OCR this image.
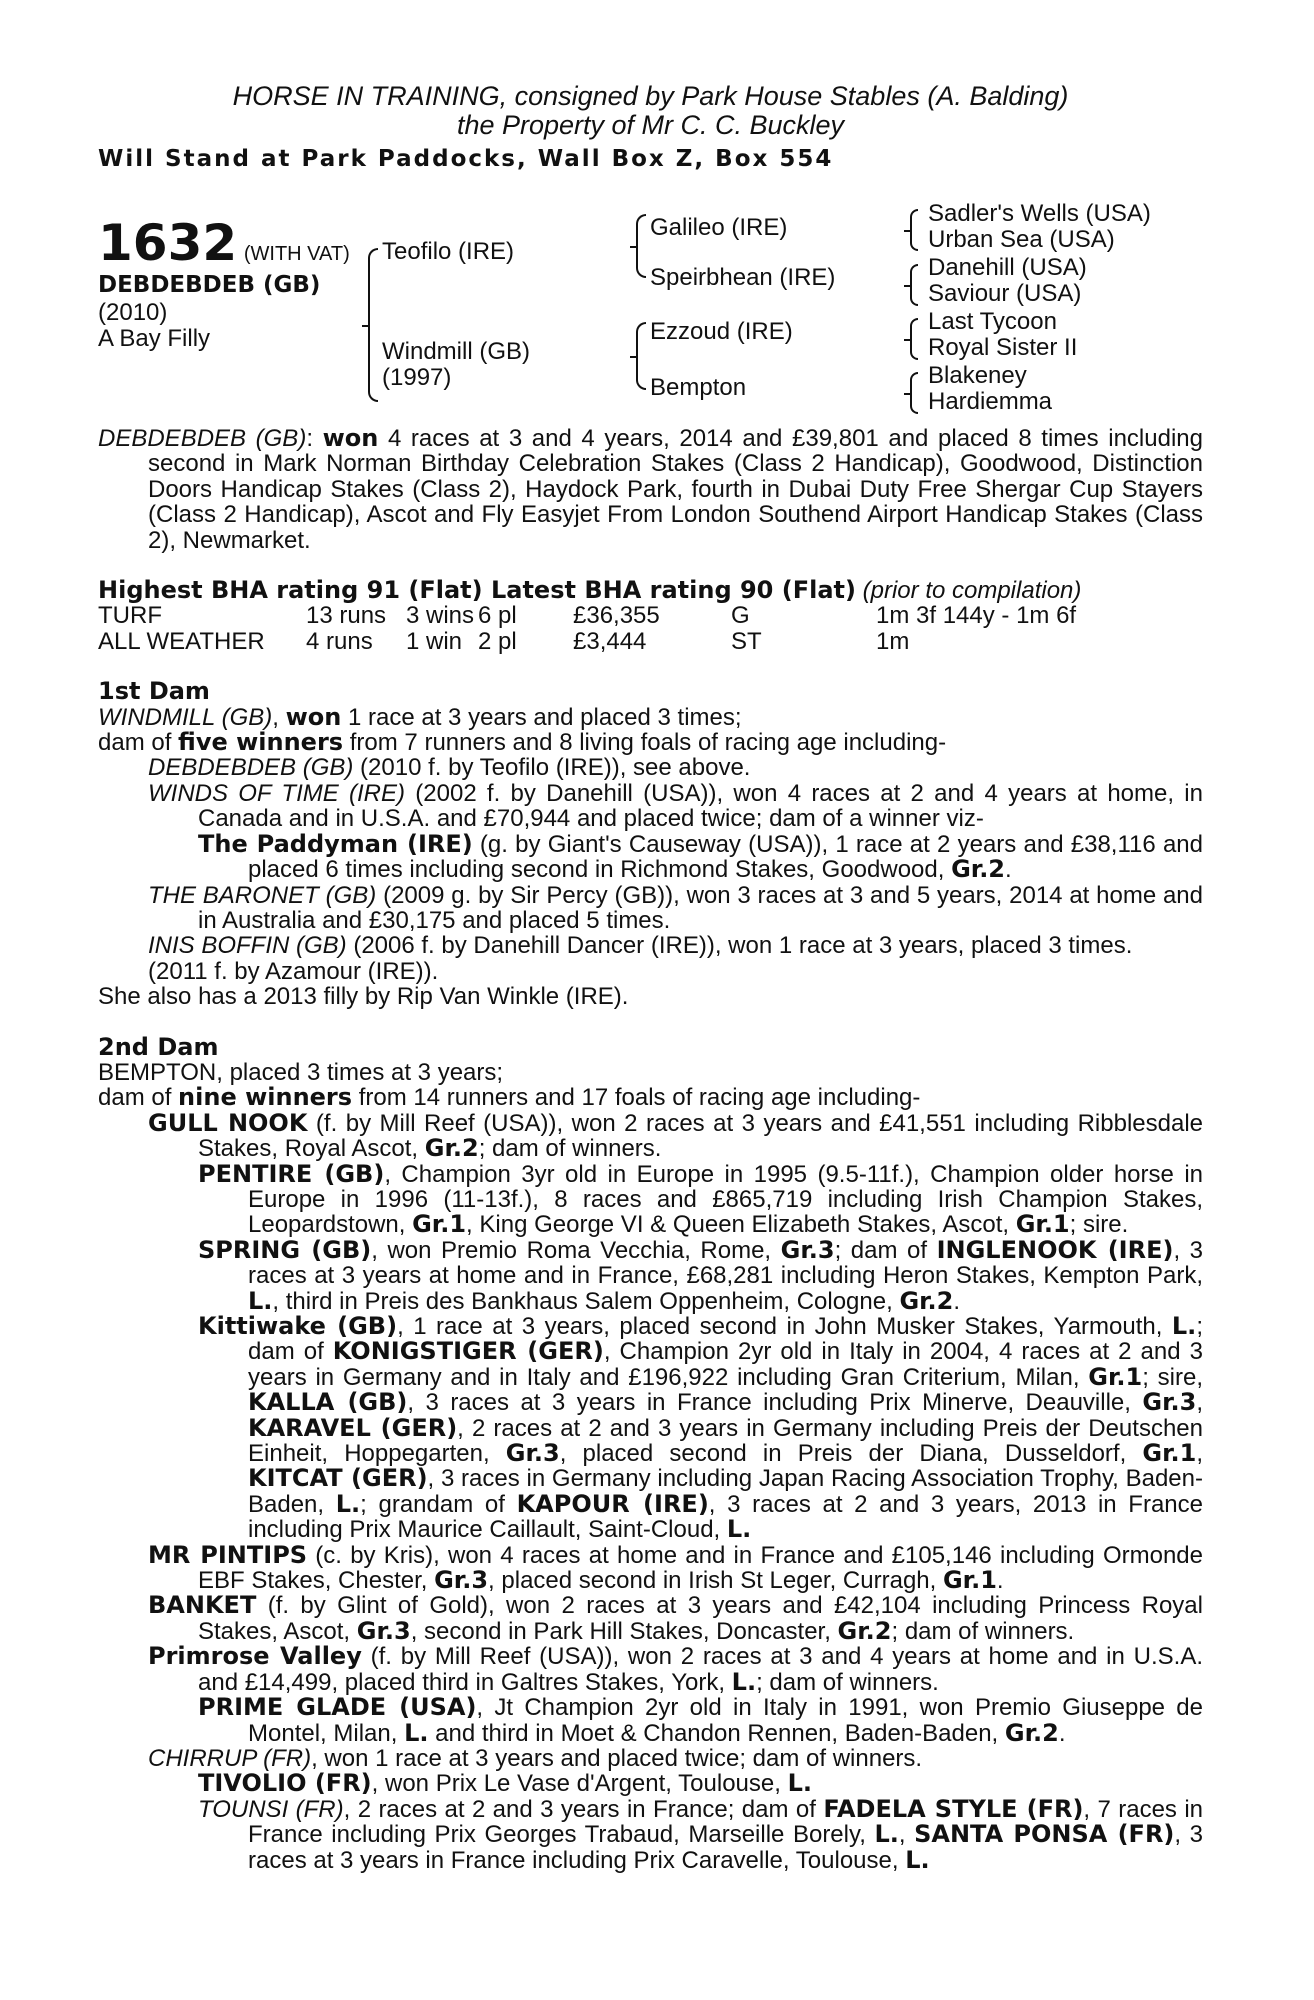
HORSE IN TRAINING, consigned by Park House Stables (A. Balding)
the Property of Mr C. C. Buckley
Will Stand at Park Paddocks, Wall Box Z, Box 554
1632 (WITH VAT)
DEBDEBDEB (GB)
(2010)
A Bay Filly
Teofilo (IRE)
Windmill (GB)
(1997)
Galileo (IRE)
Speirbhean (IRE)
Ezzoud (IRE)
Bempton
Sadler's Wells (USA)
Urban Sea (USA)
Danehill (USA)
Saviour (USA)
Last Tycoon
Royal Sister II
Blakeney
Hardiemma

DEBDEBDEB (GB): won 4 races at 3 and 4 years, 2014 and £39,801 and placed 8 times including second in Mark Norman Birthday Celebration Stakes (Class 2 Handicap), Goodwood, Distinction Doors Handicap Stakes (Class 2), Haydock Park, fourth in Dubai Duty Free Shergar Cup Stayers (Class 2 Handicap), Ascot and Fly Easyjet From London Southend Airport Handicap Stakes (Class 2), Newmarket.

Highest BHA rating 91 (Flat) Latest BHA rating 90 (Flat) (prior to compilation)

TURF	13 runs 3 wins 6 pl	£36,355	G	1m 3f 144y - 1m 6f
ALL WEATHER	4 runs	1 win 2 pl	£3,444	ST	1m

1st Dam

WINDMILL (GB), won 1 race at 3 years and placed 3 times;

dam of five winners from 7 runners and 8 living foals of racing age including-

DEBDEBDEB (GB) (2010 f. by Teofilo (IRE)), see above.

WINDS OF TIME (IRE) (2002 f. by Danehill (USA)), won 4 races at 2 and 4 years at home, in Canada and in U.S.A. and £70,944 and placed twice; dam of a winner viz-

The Paddyman (IRE) (g. by Giant's Causeway (USA)), 1 race at 2 years and £38,116 and placed 6 times including second in Richmond Stakes, Goodwood, Gr.2.

THE BARONET (GB) (2009 g. by Sir Percy (GB)), won 3 races at 3 and 5 years, 2014 at home and in Australia and £30,175 and placed 5 times.

INIS BOFFIN (GB) (2006 f. by Danehill Dancer (IRE)), won 1 race at 3 years, placed 3 times.

(2011 f. by Azamour (IRE)).

She also has a 2013 filly by Rip Van Winkle (IRE).

2nd Dam

BEMPTON, placed 3 times at 3 years;

dam of nine winners from 14 runners and 17 foals of racing age including-

GULL NOOK (f. by Mill Reef (USA)), won 2 races at 3 years and £41,551 including Ribblesdale Stakes, Royal Ascot, Gr.2; dam of winners.

PENTIRE (GB), Champion 3yr old in Europe in 1995 (9.5-11f.), Champion older horse in Europe in 1996 (11-13f.), 8 races and £865,719 including Irish Champion Stakes, Leopardstown, Gr.1, King George VI & Queen Elizabeth Stakes, Ascot, Gr.1; sire.

SPRING (GB), won Premio Roma Vecchia, Rome, Gr.3; dam of INGLENOOK (IRE), 3 races at 3 years at home and in France, £68,281 including Heron Stakes, Kempton Park, L., third in Preis des Bankhaus Salem Oppenheim, Cologne, Gr.2.

Kittiwake (GB), 1 race at 3 years, placed second in John Musker Stakes, Yarmouth, L.; dam of KONIGSTIGER (GER), Champion 2yr old in Italy in 2004, 4 races at 2 and 3 years in Germany and in Italy and £196,922 including Gran Criterium, Milan, Gr.1; sire, KALLA (GB), 3 races at 3 years in France including Prix Minerve, Deauville, Gr.3, KARAVEL (GER), 2 races at 2 and 3 years in Germany including Preis der Deutschen Einheit, Hoppegarten, Gr.3, placed second in Preis der Diana, Dusseldorf, Gr.1, KITCAT (GER), 3 races in Germany including Japan Racing Association Trophy, Baden-Baden, L.; grandam of KAPOUR (IRE), 3 races at 2 and 3 years, 2013 in France including Prix Maurice Caillault, Saint-Cloud, L.

MR PINTIPS (c. by Kris), won 4 races at home and in France and £105,146 including Ormonde EBF Stakes, Chester, Gr.3, placed second in Irish St Leger, Curragh, Gr.1.

BANKET (f. by Glint of Gold), won 2 races at 3 years and £42,104 including Princess Royal Stakes, Ascot, Gr.3, second in Park Hill Stakes, Doncaster, Gr.2; dam of winners.

Primrose Valley (f. by Mill Reef (USA)), won 2 races at 3 and 4 years at home and in U.S.A. and £14,499, placed third in Galtres Stakes, York, L.; dam of winners.

PRIME GLADE (USA), Jt Champion 2yr old in Italy in 1991, won Premio Giuseppe de Montel, Milan, L. and third in Moet & Chandon Rennen, Baden-Baden, Gr.2.

CHIRRUP (FR), won 1 race at 3 years and placed twice; dam of winners.

TIVOLIO (FR), won Prix Le Vase d'Argent, Toulouse, L.

TOUNSI (FR), 2 races at 2 and 3 years in France; dam of FADELA STYLE (FR), 7 races in France including Prix Georges Trabaud, Marseille Borely, L., SANTA PONSA (FR), 3 races at 3 years in France including Prix Caravelle, Toulouse, L.
